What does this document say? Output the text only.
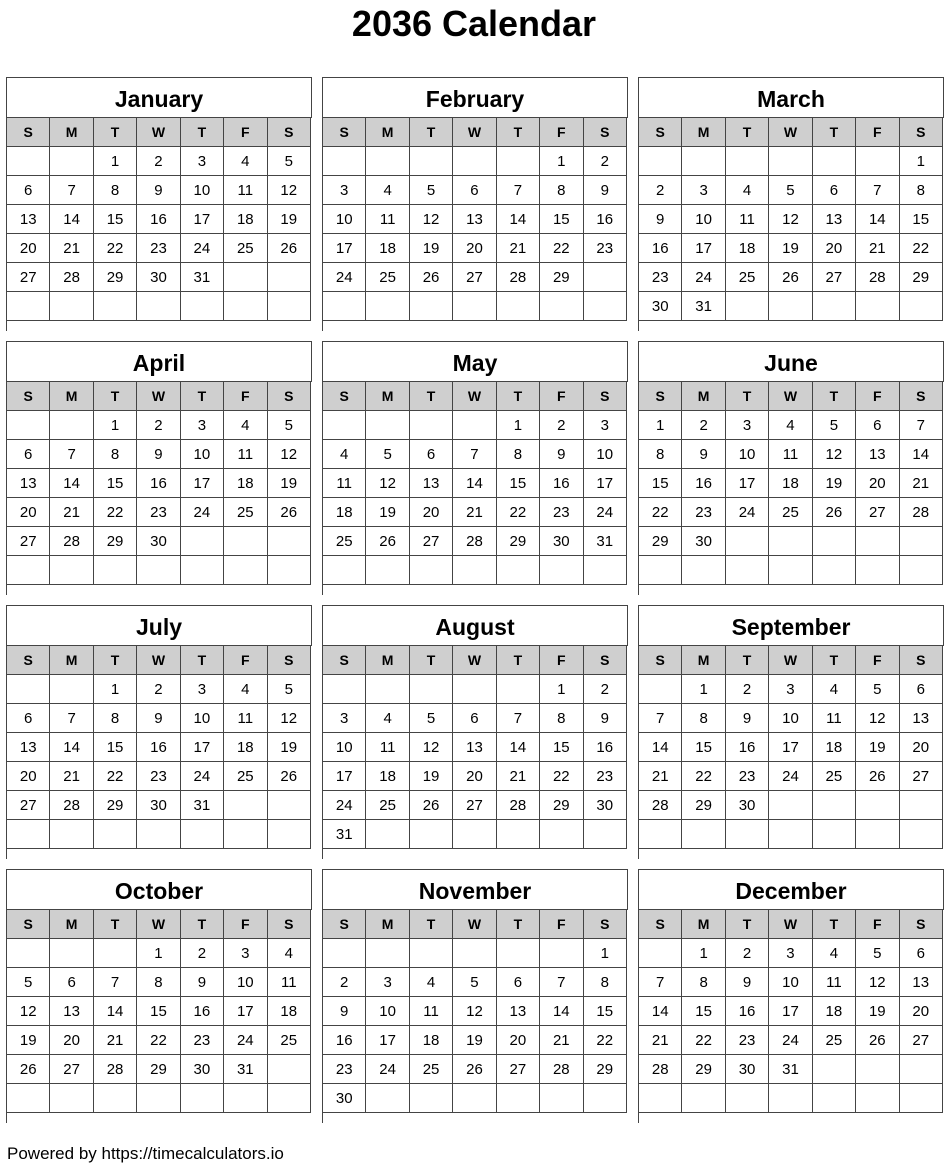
2036 Calendar
January
S	M	T	W	T	F	S
		1	2	3	4	5
6	7	8	9	10	11	12
13	14	15	16	17	18	19
20	21	22	23	24	25	26
27	28	29	30	31		

February
S	M	T	W	T	F	S
					1	2
3	4	5	6	7	8	9
10	11	12	13	14	15	16
17	18	19	20	21	22	23
24	25	26	27	28	29	

March
S	M	T	W	T	F	S
						1
2	3	4	5	6	7	8
9	10	11	12	13	14	15
16	17	18	19	20	21	22
23	24	25	26	27	28	29
30	31					
April
S	M	T	W	T	F	S
		1	2	3	4	5
6	7	8	9	10	11	12
13	14	15	16	17	18	19
20	21	22	23	24	25	26
27	28	29	30			

May
S	M	T	W	T	F	S
				1	2	3
4	5	6	7	8	9	10
11	12	13	14	15	16	17
18	19	20	21	22	23	24
25	26	27	28	29	30	31

June
S	M	T	W	T	F	S
1	2	3	4	5	6	7
8	9	10	11	12	13	14
15	16	17	18	19	20	21
22	23	24	25	26	27	28
29	30					

July
S	M	T	W	T	F	S
		1	2	3	4	5
6	7	8	9	10	11	12
13	14	15	16	17	18	19
20	21	22	23	24	25	26
27	28	29	30	31		

August
S	M	T	W	T	F	S
					1	2
3	4	5	6	7	8	9
10	11	12	13	14	15	16
17	18	19	20	21	22	23
24	25	26	27	28	29	30
31						
September
S	M	T	W	T	F	S
	1	2	3	4	5	6
7	8	9	10	11	12	13
14	15	16	17	18	19	20
21	22	23	24	25	26	27
28	29	30				

October
S	M	T	W	T	F	S
			1	2	3	4
5	6	7	8	9	10	11
12	13	14	15	16	17	18
19	20	21	22	23	24	25
26	27	28	29	30	31	

November
S	M	T	W	T	F	S
						1
2	3	4	5	6	7	8
9	10	11	12	13	14	15
16	17	18	19	20	21	22
23	24	25	26	27	28	29
30						
December
S	M	T	W	T	F	S
	1	2	3	4	5	6
7	8	9	10	11	12	13
14	15	16	17	18	19	20
21	22	23	24	25	26	27
28	29	30	31			

Powered by https://timecalculators.io
